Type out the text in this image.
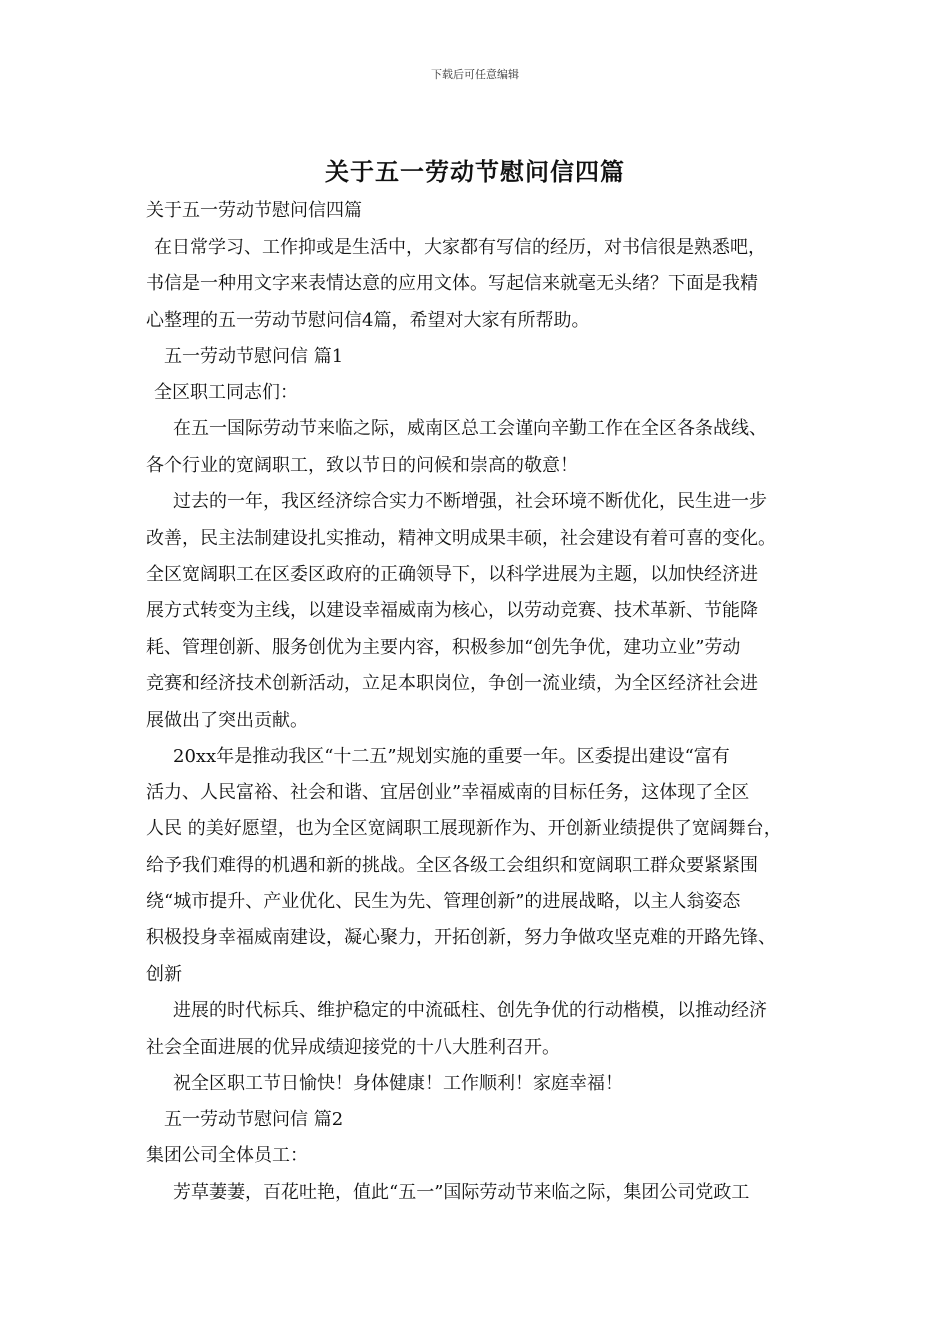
下载后可任意编辑
关于五一劳动节慰问信四篇
关于五一劳动节慰问信四篇
在日常学习、工作抑或是生活中，大家都有写信的经历，对书信很是熟悉吧，
书信是一种用文字来表情达意的应用文体。写起信来就毫无头绪？下面是我精
心整理的五一劳动节慰问信4篇，希望对大家有所帮助。
五一劳动节慰问信 篇1
全区职工同志们：
在五一国际劳动节来临之际，威南区总工会谨向辛勤工作在全区各条战线、
各个行业的宽阔职工，致以节日的问候和崇高的敬意！
过去的一年，我区经济综合实力不断增强，社会环境不断优化，民生进一步
改善，民主法制建设扎实推动，精神文明成果丰硕，社会建设有着可喜的变化。
全区宽阔职工在区委区政府的正确领导下，以科学进展为主题，以加快经济进
展方式转变为主线，以建设幸福威南为核心，以劳动竞赛、技术革新、节能降
耗、管理创新、服务创优为主要内容，积极参加“创先争优，建功立业”劳动
竞赛和经济技术创新活动，立足本职岗位，争创一流业绩，为全区经济社会进
展做出了突出贡献。
20xx年是推动我区“十二五”规划实施的重要一年。区委提出建设“富有
活力、人民富裕、社会和谐、宜居创业”幸福威南的目标任务，这体现了全区
人民 的美好愿望，也为全区宽阔职工展现新作为、开创新业绩提供了宽阔舞台，
给予我们难得的机遇和新的挑战。全区各级工会组织和宽阔职工群众要紧紧围
绕“城市提升、产业优化、民生为先、管理创新”的进展战略，以主人翁姿态
积极投身幸福威南建设，凝心聚力，开拓创新，努力争做攻坚克难的开路先锋、
创新
进展的时代标兵、维护稳定的中流砥柱、创先争优的行动楷模，以推动经济
社会全面进展的优异成绩迎接党的十八大胜利召开。
祝全区职工节日愉快！身体健康！工作顺利！家庭幸福！
五一劳动节慰问信 篇2
集团公司全体员工：
芳草萋萋，百花吐艳，值此“五一”国际劳动节来临之际，集团公司党政工
